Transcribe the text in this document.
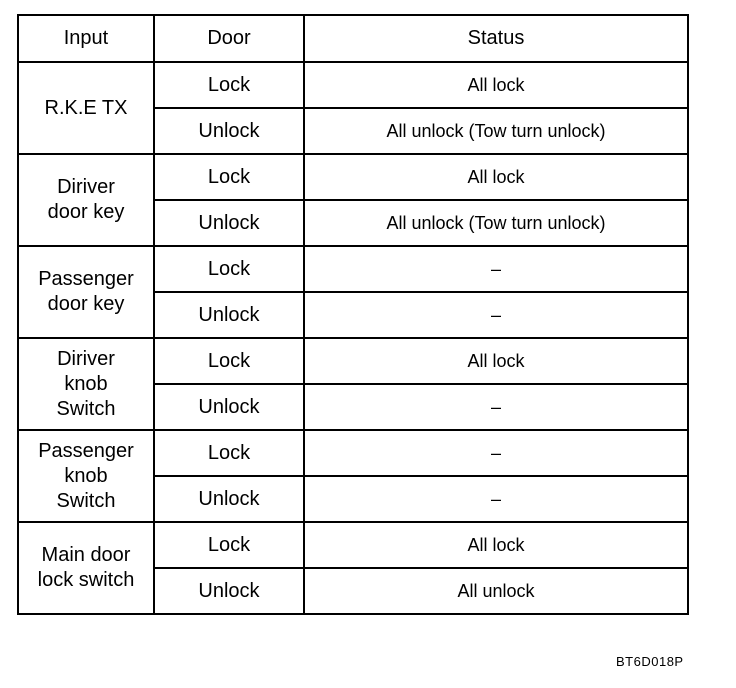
Input	Door	Status

R.K.E TX	Lock	All lock
	Unlock	All unlock (Tow turn unlock)

Diriver
door key	Lock	All lock
	Unlock	All unlock (Tow turn unlock)

Passenger
door key	Lock	–
	Unlock	–

Diriver
knob
Switch	Lock	All lock
	Unlock	–

Passenger
knob
Switch	Lock	–
	Unlock	–

Main door
lock switch	Lock	All lock
	Unlock	All unlock
BT6D018P
